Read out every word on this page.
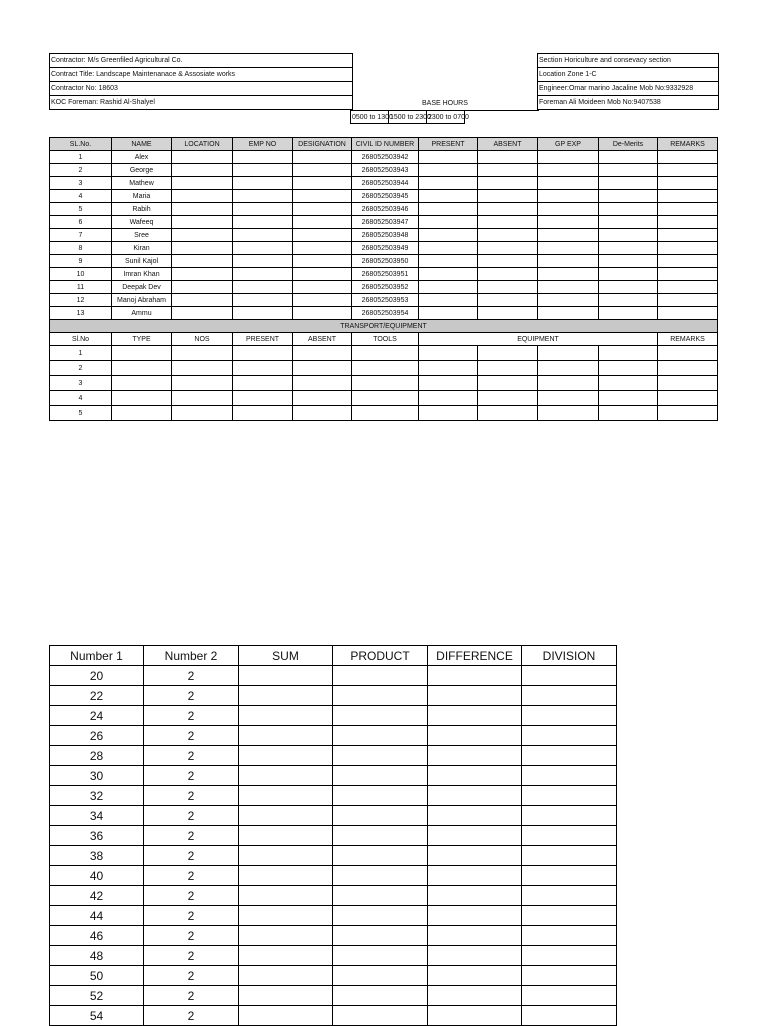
Contractor: M/s Greenfiled Agricultural Co.
Contract Title: Landscape Maintenanace & Assosiate works
Contractor No: 18603
KOC Foreman: Rashid Al-Shalyel
Section Horiculture and consevacy section
Location Zone 1-C
Engineer:Omar marino Jacaline Mob No:9332928
Foreman Ali Moideen Mob No:9407538
BASE HOURS
0500 to 1300	1500 to 2300	2300 to 0700	
SL.No.	NAME	LOCATION	EMP NO	DESIGNATION	CIVIL ID NUMBER	PRESENT	ABSENT	GP EXP	De-Merits	REMARKS
1	Alex				268052503942					
2	George				268052503943					
3	Mathew				268052503944					
4	Maria				268052503945					
5	Rabih				268052503946					
6	Wafeeq				268052503947					
7	Sree				268052503948					
8	Kiran				268052503949					
9	Sunil Kajol				268052503950					
10	Imran Khan				268052503951					
11	Deepak Dev				268052503952					
12	Manoj Abraham				268052503953					
13	Ammu				268052503954					
TRANSPORT/EQUIPMENT										
Sl.No	TYPE	NOS	PRESENT	ABSENT	TOOLS	EQUIPMENT				REMARKS
1										
2										
3										
4										
5										
Number 1	Number 2	SUM	PRODUCT	DIFFERENCE	DIVISION
20	2				
22	2				
24	2				
26	2				
28	2				
30	2				
32	2				
34	2				
36	2				
38	2				
40	2				
42	2				
44	2				
46	2				
48	2				
50	2				
52	2				
54	2				
